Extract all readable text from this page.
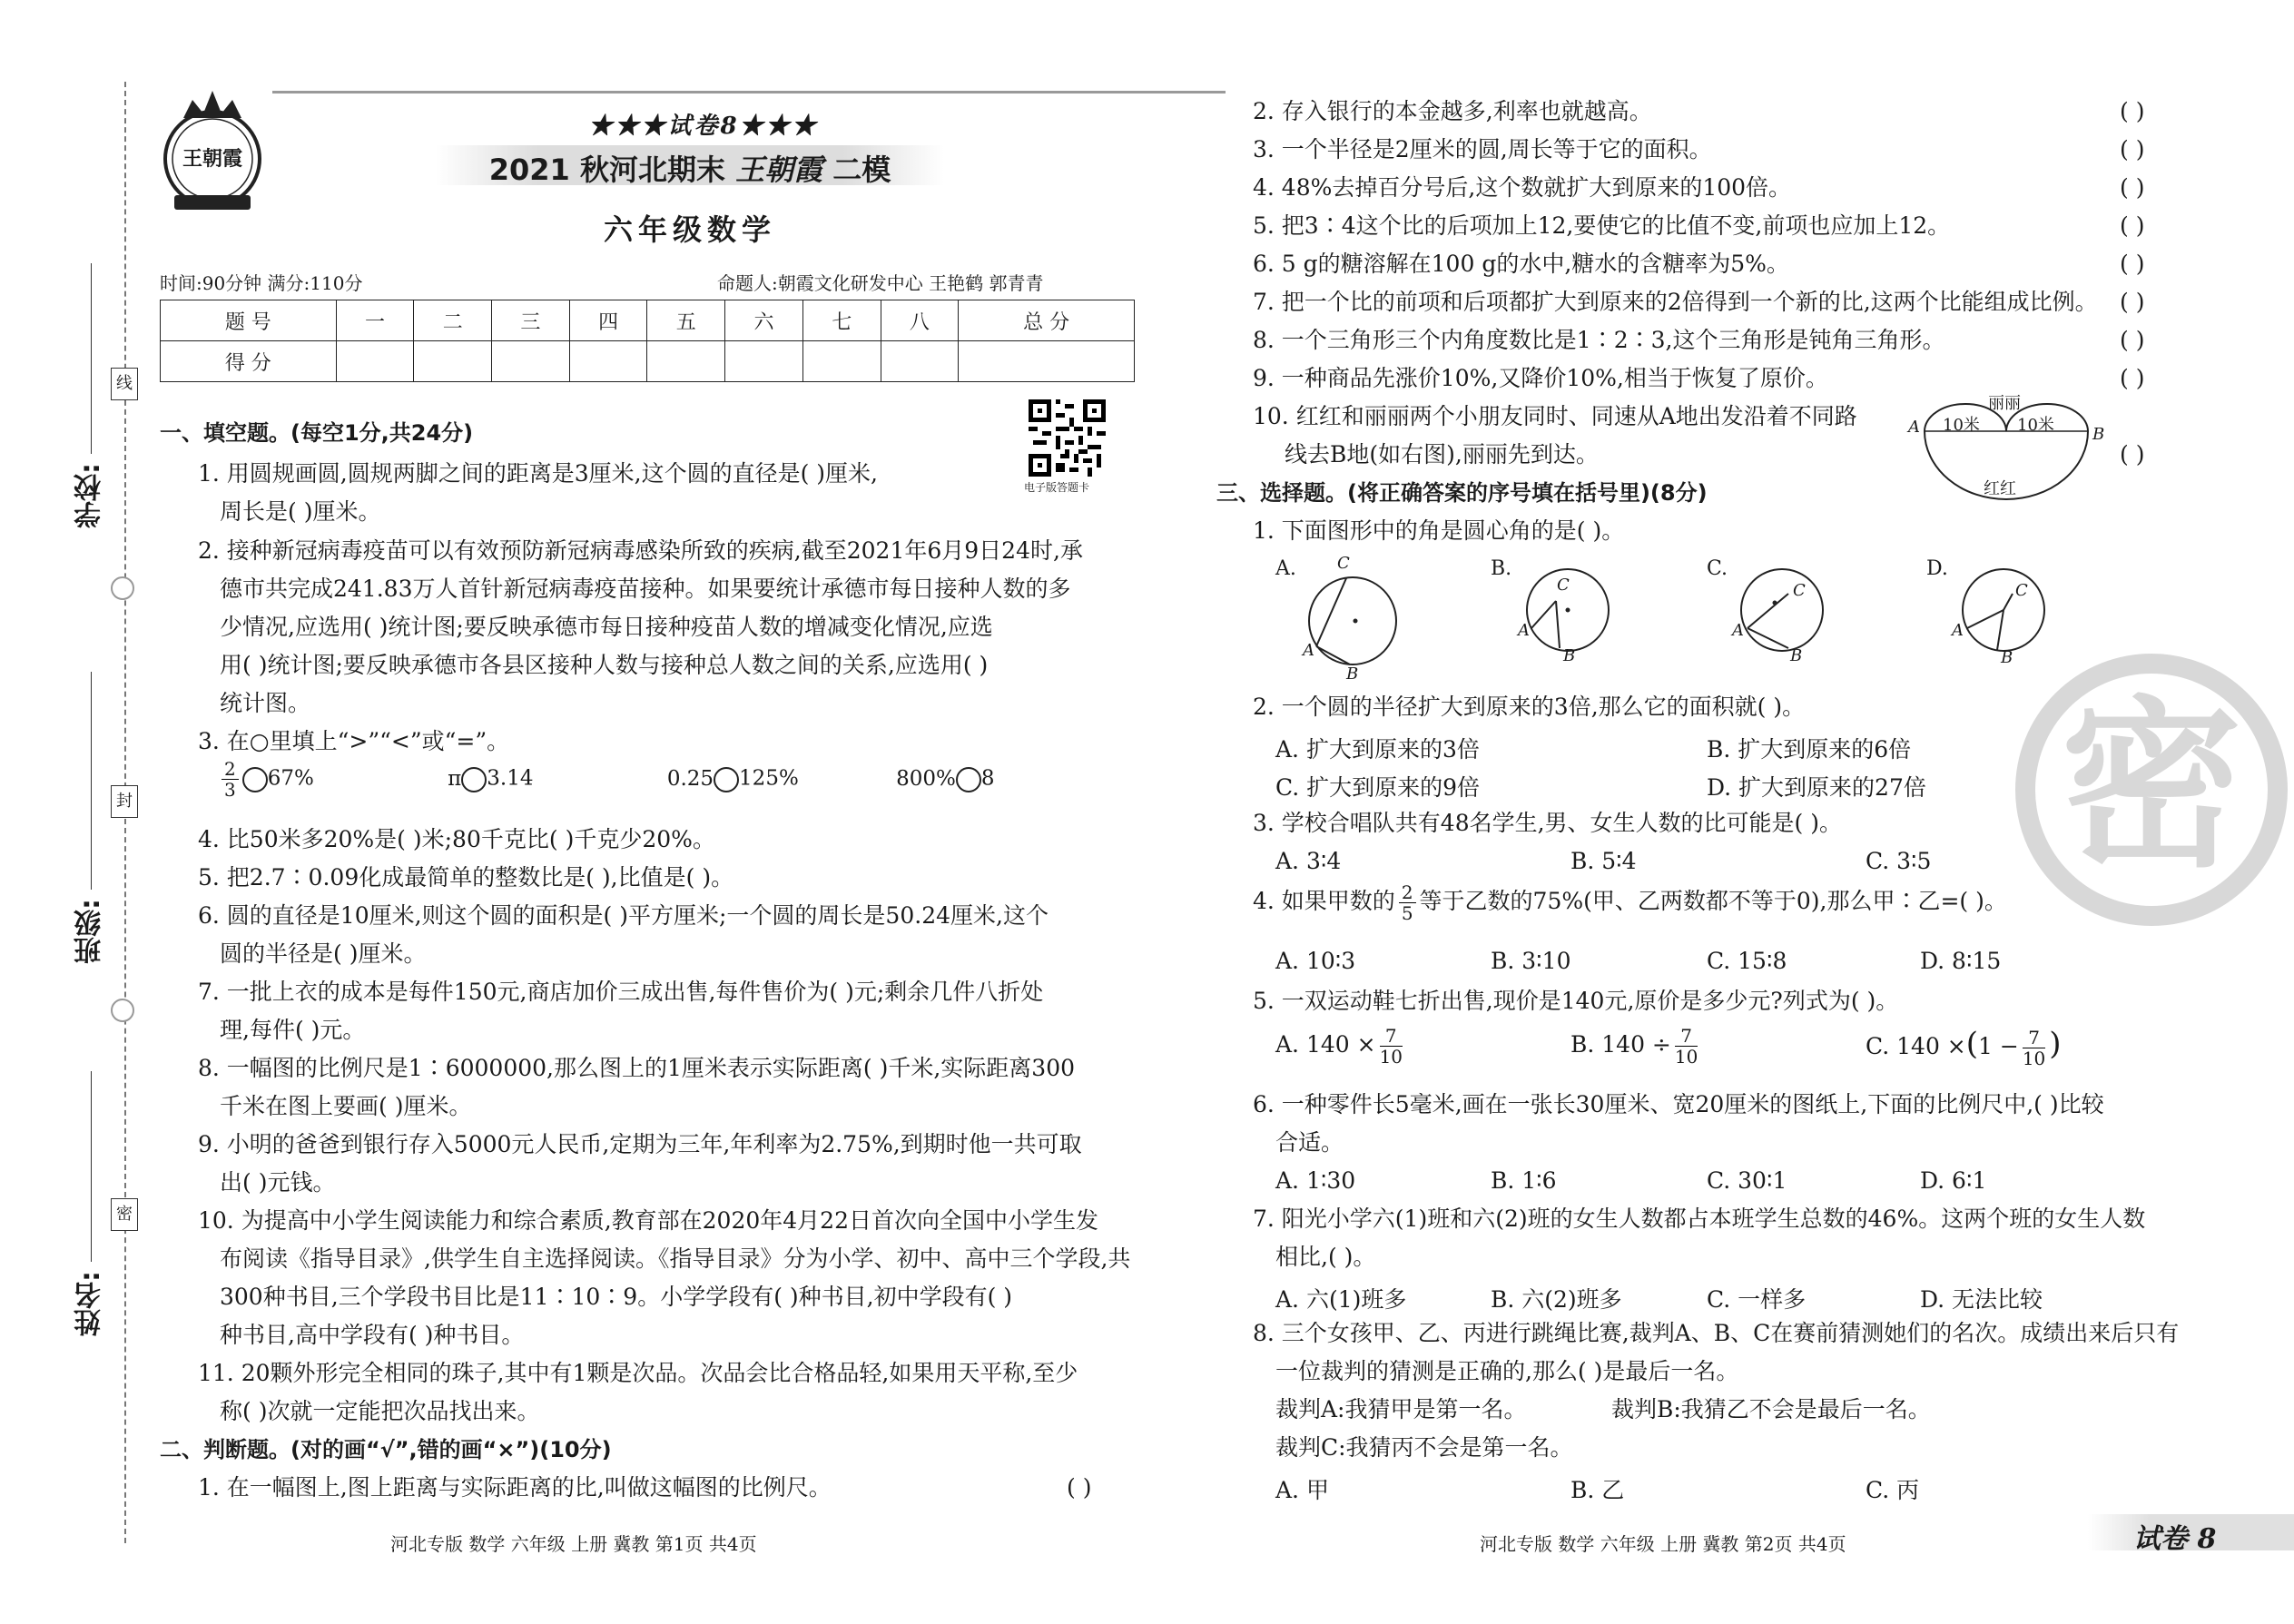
学校:
班级:
姓名:
线
封
密
王朝霞
★★★试卷8★★★
2021 秋河北期末 王朝霞 二模
六年级数学
时间:90分钟 满分:110分	命题人:朝霞文化研发中心 王艳鹤 郭青青
题 号	一	二	三	四	五	六	七	八	总 分
得 分									
电子版答题卡
一、填空题。(每空1分,共24分)
1. 用圆规画圆,圆规两脚之间的距离是3厘米,这个圆的直径是( )厘米,
周长是( )厘米。
2. 接种新冠病毒疫苗可以有效预防新冠病毒感染所致的疾病,截至2021年6月9日24时,承
德市共完成241.83万人首针新冠病毒疫苗接种。如果要统计承德市每日接种人数的多
少情况,应选用( )统计图;要反映承德市每日接种疫苗人数的增减变化情况,应选
用( )统计图;要反映承德市各县区接种人数与接种总人数之间的关系,应选用( )
统计图。
3. 在○里填上“>”“<”或“=”。
$\frac{2}{3} 67\%$	π 3.14	0.25 125%	800% 8
4. 比50米多20%是( )米;80千克比( )千克少20%。
5. 把2.7∶0.09化成最简单的整数比是( ),比值是( )。
6. 圆的直径是10厘米,则这个圆的面积是( )平方厘米;一个圆的周长是50.24厘米,这个
圆的半径是( )厘米。
7. 一批上衣的成本是每件150元,商店加价三成出售,每件售价为( )元;剩余几件八折处
理,每件( )元。
8. 一幅图的比例尺是1∶6000000,那么图上的1厘米表示实际距离( )千米,实际距离300
千米在图上要画( )厘米。
9. 小明的爸爸到银行存入5000元人民币,定期为三年,年利率为2.75%,到期时他一共可取
出( )元钱。
10. 为提高中小学生阅读能力和综合素质,教育部在2020年4月22日首次向全国中小学生发
布阅读《指导目录》,供学生自主选择阅读。《指导目录》分为小学、初中、高中三个学段,共
300种书目,三个学段书目比是11∶10∶9。小学学段有( )种书目,初中学段有( )
种书目,高中学段有( )种书目。
11. 20颗外形完全相同的珠子,其中有1颗是次品。次品会比合格品轻,如果用天平称,至少
称( )次就一定能把次品找出来。
二、判断题。(对的画“√”,错的画“×”)(10分)
1. 在一幅图上,图上距离与实际距离的比,叫做这幅图的比例尺。	( )
河北专版 数学 六年级 上册 冀教 第1页 共4页
2. 存入银行的本金越多,利率也就越高。	( )
3. 一个半径是2厘米的圆,周长等于它的面积。	( )
4. 48%去掉百分号后,这个数就扩大到原来的100倍。	( )
5. 把3∶4这个比的后项加上12,要使它的比值不变,前项也应加上12。	( )
6. 5 g的糖溶解在100 g的水中,糖水的含糖率为5%。	( )
7. 把一个比的前项和后项都扩大到原来的2倍得到一个新的比,这两个比能组成比例。 ( )
8. 一个三角形三个内角度数比是1∶2∶3,这个三角形是钝角三角形。	( )
9. 一种商品先涨价10%,又降价10%,相当于恢复了原价。	( )
10. 红红和丽丽两个小朋友同时、同速从A地出发沿着不同路
线去B地(如右图),丽丽先到达。	( )
A	B
丽丽
10米 10米
红红
三、选择题。(将正确答案的序号填在括号里)(8分)
1. 下面图形中的角是圆心角的是( )。
A.	C
A
B
B.
C
A
B
C.
C
A
B
D.
C
A
B
2. 一个圆的半径扩大到原来的3倍,那么它的面积就( )。
A. 扩大到原来的3倍	B. 扩大到原来的6倍
C. 扩大到原来的9倍	D. 扩大到原来的27倍
3. 学校合唱队共有48名学生,男、女生人数的比可能是( )。
A. 3∶4	B. 5∶4	C. 3∶5
4. 如果甲数的 $\frac{2}{5}$ 等于乙数的75%(甲、乙两数都不等于0),那么甲∶乙=( )。
A. 10∶3	B. 3∶10	C. 15∶8	D. 8∶15
5. 一双运动鞋七折出售,现价是140元,原价是多少元?列式为( )。
A. $140 \times \frac{7}{10}$	B. $140 \div \frac{7}{10}$	C. $140 \times(1 - \frac{7}{10}$ )
6. 一种零件长5毫米,画在一张长30厘米、宽20厘米的图纸上,下面的比例尺中,( )比较
合适。
A. 1∶30	B. 1∶6	C. 30∶1	D. 6∶1
7. 阳光小学六(1)班和六(2)班的女生人数都占本班学生总数的46%。这两个班的女生人数
相比,( )。
A. 六(1)班多	B. 六(2)班多	C. 一样多	D. 无法比较
8. 三个女孩甲、乙、丙进行跳绳比赛,裁判A、B、C在赛前猜测她们的名次。成绩出来后只有
一位裁判的猜测是正确的,那么( )是最后一名。
裁判A:我猜甲是第一名。	裁判B:我猜乙不会是最后一名。
裁判C:我猜丙不会是第一名。
A. 甲	B. 乙	C. 丙
密
河北专版 数学 六年级 上册 冀教 第2页 共4页	试卷 8
